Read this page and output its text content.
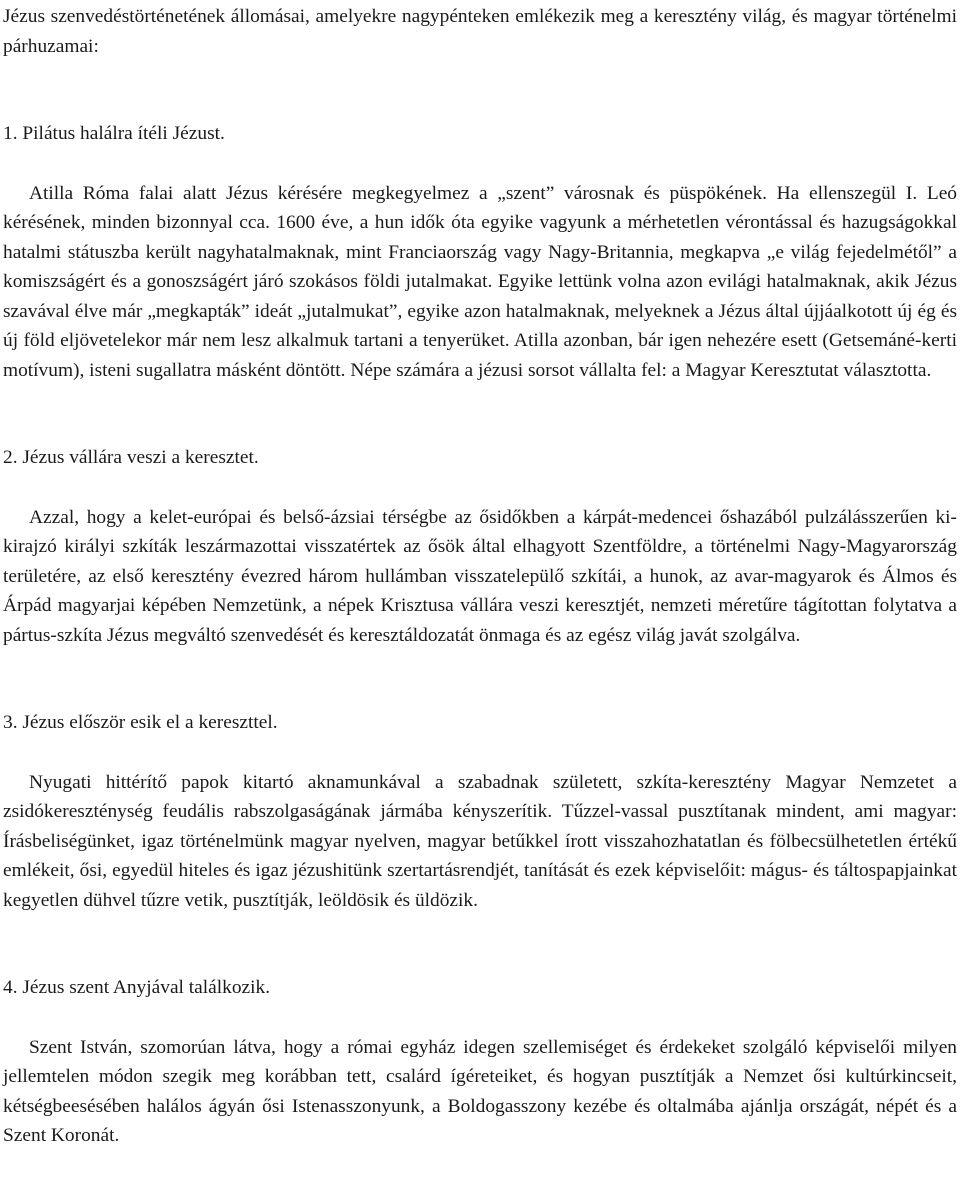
Jézus szenvedéstörténetének állomásai, amelyekre nagypénteken emlékezik meg a keresztény világ, és magyar történelmi párhuzamai:

1. Pilátus halálra ítéli Jézust.

Atilla Róma falai alatt Jézus kérésére megkegyelmez a „szent” városnak és püspökének. Ha ellenszegül I. Leó kérésének, minden bizonnyal cca. 1600 éve, a hun idők óta egyike vagyunk a mérhetetlen vérontással és hazugságokkal hatalmi státuszba került nagyhatalmaknak, mint Franciaország vagy Nagy-Britannia, megkapva „e világ fejedelmétől” a komiszságért és a gonoszságért járó szokásos földi jutalmakat. Egyike lettünk volna azon evilági hatalmaknak, akik Jézus szavával élve már „megkapták” ideát „jutalmukat”, egyike azon hatalmaknak, melyeknek a Jézus által újjáalkotott új ég és új föld eljövetelekor már nem lesz alkalmuk tartani a tenyerüket. Atilla azonban, bár igen nehezére esett (Getsemáné-kerti motívum), isteni sugallatra másként döntött. Népe számára a jézusi sorsot vállalta fel: a Magyar Keresztutat választotta.

2. Jézus vállára veszi a keresztet.

Azzal, hogy a kelet-európai és belső-ázsiai térségbe az ősidőkben a kárpát-medencei őshazából pulzálásszerűen ki-kirajzó királyi szkíták leszármazottai visszatértek az ősök által elhagyott Szentföldre, a történelmi Nagy-Magyarország területére, az első keresztény évezred három hullámban visszatelepülő szkítái, a hunok, az avar-magyarok és Álmos és Árpád magyarjai képében Nemzetünk, a népek Krisztusa vállára veszi keresztjét, nemzeti méretűre tágítottan folytatva a pártus-szkíta Jézus megváltó szenvedését és keresztáldozatát önmaga és az egész világ javát szolgálva.

3. Jézus először esik el a kereszttel.

Nyugati hittérítő papok kitartó aknamunkával a szabadnak született, szkíta-keresztény Magyar Nemzetet a zsidókereszténység feudális rabszolgaságának jármába kényszerítik. Tűzzel-vassal pusztítanak mindent, ami magyar: Írásbeliségünket, igaz történelmünk magyar nyelven, magyar betűkkel írott visszahozhatatlan és fölbecsülhetetlen értékű emlékeit, ősi, egyedül hiteles és igaz jézushitünk szertartásrendjét, tanítását és ezek képviselőit: mágus- és táltospapjainkat kegyetlen dühvel tűzre vetik, pusztítják, leöldösik és üldözik.

4. Jézus szent Anyjával találkozik.

Szent István, szomorúan látva, hogy a római egyház idegen szellemiséget és érdekeket szolgáló képviselői milyen jellemtelen módon szegik meg korábban tett, csalárd ígéreteiket, és hogyan pusztítják a Nemzet ősi kultúrkincseit, kétségbeesésében halálos ágyán ősi Istenasszonyunk, a Boldogasszony kezébe és oltalmába ajánlja országát, népét és a Szent Koronát.
